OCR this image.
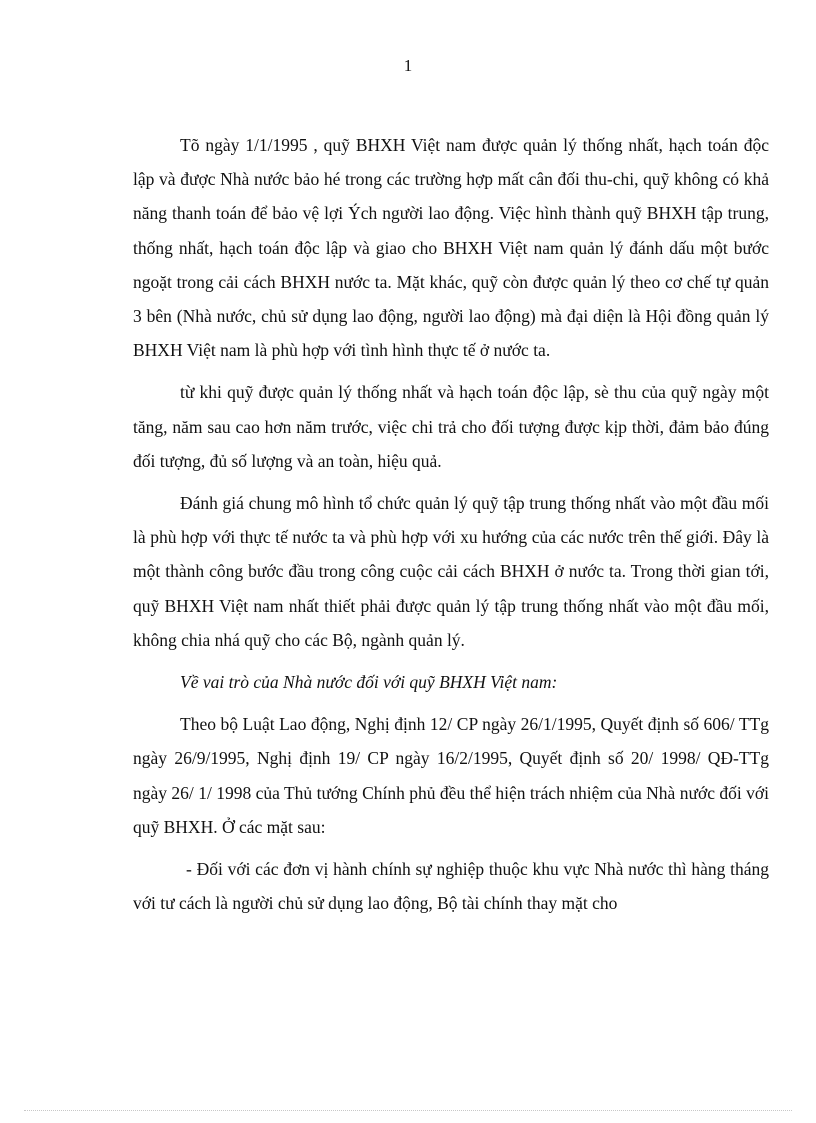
1

Tõ ngày 1/1/1995 , quỹ BHXH Việt nam được quản lý thống nhất, hạch toán độc lập và được Nhà nước bảo hé trong các trường hợp mất cân đối thu-chi, quỹ không có khả năng thanh toán để bảo vệ lợi Ých người lao động. Việc hình thành quỹ BHXH tập trung, thống nhất, hạch toán độc lập và giao cho BHXH Việt nam quản lý đánh dấu một bước ngoặt trong cải cách BHXH nước ta. Mặt khác, quỹ còn được quản lý theo cơ chế tự quản 3 bên (Nhà nước, chủ sử dụng lao động, người lao động) mà đại diện là Hội đồng quản lý BHXH Việt nam là phù hợp với tình hình thực tế ở nước ta.

từ khi quỹ được quản lý thống nhất và hạch toán độc lập, sè thu của quỹ ngày một tăng, năm sau cao hơn năm trước, việc chi trả cho đối tượng được kịp thời, đảm bảo đúng đối tượng, đủ số lượng và an toàn, hiệu quả.

Đánh giá chung mô hình tổ chức quản lý quỹ tập trung thống nhất vào một đầu mối là phù hợp với thực tế nước ta và phù hợp với xu hướng của các nước trên thế giới. Đây là một thành công bước đầu trong công cuộc cải cách BHXH ở nước ta. Trong thời gian tới, quỹ BHXH Việt nam nhất thiết phải được quản lý tập trung thống nhất vào một đầu mối, không chia nhá quỹ cho các Bộ, ngành quản lý.

Về vai trò của Nhà nước đối với quỹ BHXH Việt nam:

Theo bộ Luật Lao động, Nghị định 12/ CP ngày 26/1/1995, Quyết định số 606/ TTg ngày 26/9/1995, Nghị định 19/ CP ngày 16/2/1995, Quyết định số 20/ 1998/ QĐ-TTg ngày 26/ 1/ 1998 của Thủ tướng Chính phủ đều thể hiện trách nhiệm của Nhà nước đối với quỹ BHXH. Ở các mặt sau:

- Đối với các đơn vị hành chính sự nghiệp thuộc khu vực Nhà nước thì hàng tháng với tư cách là người chủ sử dụng lao động, Bộ tài chính thay mặt cho
